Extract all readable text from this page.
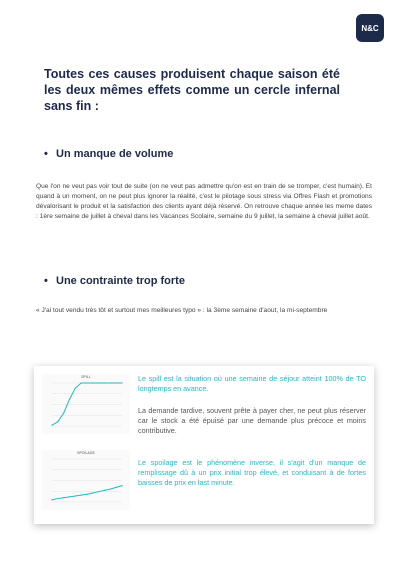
N&C

Toutes ces causes produisent chaque saison été les deux mêmes effets comme un cercle infernal sans fin :

• Un manque de volume

Que l'on ne veut pas voir tout de suite (on ne veut pas admettre qu'on est en train de se tromper, c'est humain). Et quand à un moment, on ne peut plus ignorer la réalité, c'est le pilotage sous stress via Offres Flash et promotions dévalorisant le produit et la satisfaction des clients ayant déjà réservé. On retrouve chaque année les meme dates : 1ère semaine de juillet à cheval dans les Vacances Scolaire, semaine du 9 juillet, la semaine à cheval juillet août.

• Une contrainte trop forte

« J'ai tout vendu très tôt et surtout mes meilleures typo » : la 3ème semaine d'aout, la mi-septembre

SPILL
SPOILAGE

Le spill est la situation où une semaine de séjour atteint 100% de TO longtemps en avance.

La demande tardive, souvent prête à payer cher, ne peut plus réserver car le stock a été épuisé par une demande plus précoce et moins contributive.

Le spoilage est le phénomène inverse, il s'agit d'un manque de remplissage dû à un prix initial trop élevé, et conduisant à de fortes baisses de prix en last minute.
